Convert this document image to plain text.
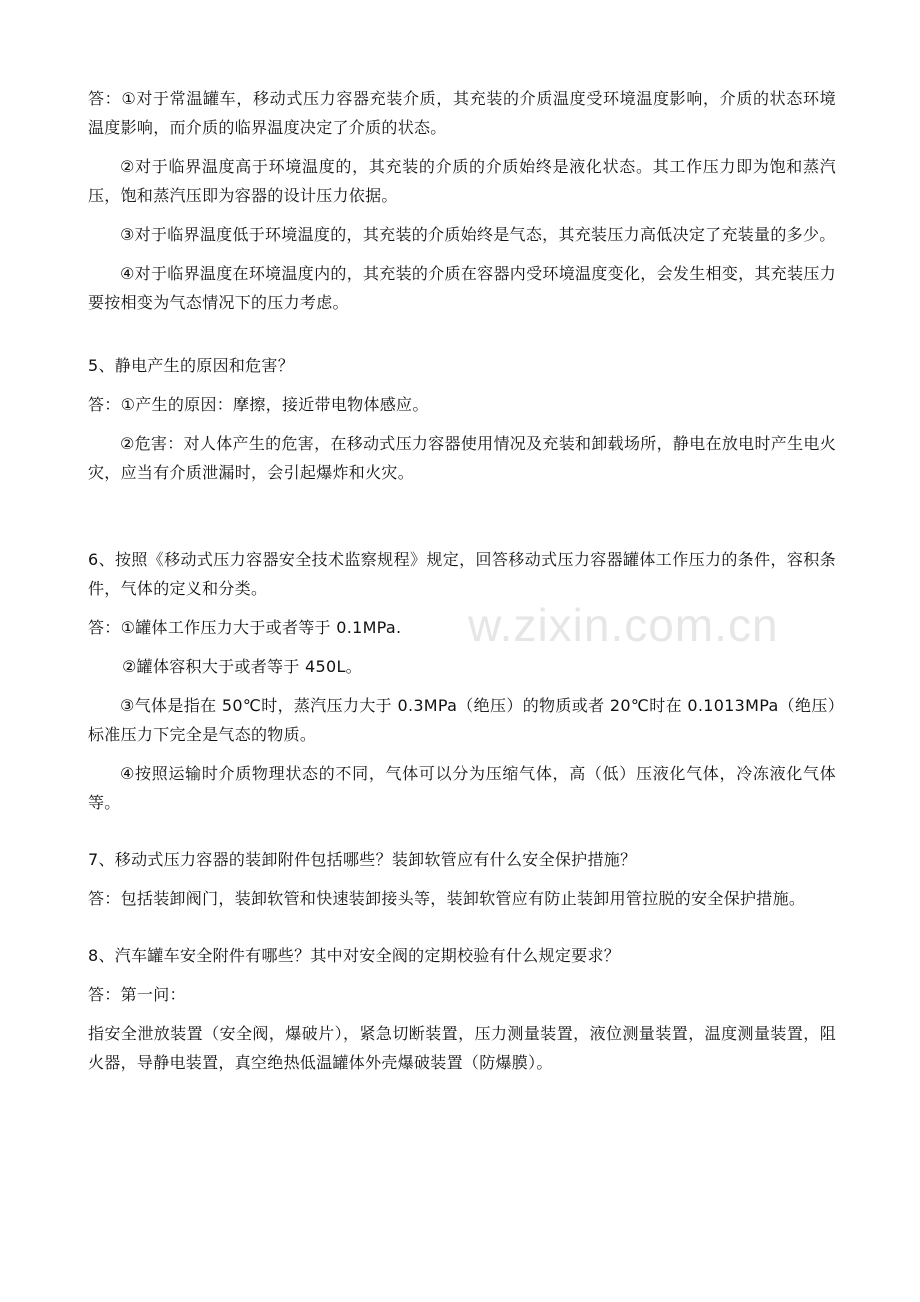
w.zixin.com.cn

答：①对于常温罐车，移动式压力容器充装介质，其充装的介质温度受环境温度影响，介质的状态环境温度影响，而介质的临界温度决定了介质的状态。

②对于临界温度高于环境温度的，其充装的介质的介质始终是液化状态。其工作压力即为饱和蒸汽压，饱和蒸汽压即为容器的设计压力依据。

③对于临界温度低于环境温度的，其充装的介质始终是气态，其充装压力高低决定了充装量的多少。

④对于临界温度在环境温度内的，其充装的介质在容器内受环境温度变化，会发生相变，其充装压力要按相变为气态情况下的压力考虑。

5、静电产生的原因和危害？

答：①产生的原因：摩擦，接近带电物体感应。

②危害：对人体产生的危害，在移动式压力容器使用情况及充装和卸载场所，静电在放电时产生电火灾，应当有介质泄漏时，会引起爆炸和火灾。

6、按照《移动式压力容器安全技术监察规程》规定，回答移动式压力容器罐体工作压力的条件，容积条件，气体的定义和分类。

答：①罐体工作压力大于或者等于 0.1MPa.

②罐体容积大于或者等于 450L。

③气体是指在 50℃时，蒸汽压力大于 0.3MPa（绝压）的物质或者 20℃时在 0.1013MPa（绝压）标准压力下完全是气态的物质。

④按照运输时介质物理状态的不同，气体可以分为压缩气体，高（低）压液化气体，冷冻液化气体等。

7、移动式压力容器的装卸附件包括哪些？装卸软管应有什么安全保护措施？

答：包括装卸阀门，装卸软管和快速装卸接头等，装卸软管应有防止装卸用管拉脱的安全保护措施。

8、汽车罐车安全附件有哪些？其中对安全阀的定期校验有什么规定要求？

答：第一问：

指安全泄放装置（安全阀，爆破片），紧急切断装置，压力测量装置，液位测量装置，温度测量装置，阻火器，导静电装置，真空绝热低温罐体外壳爆破装置（防爆膜）。
